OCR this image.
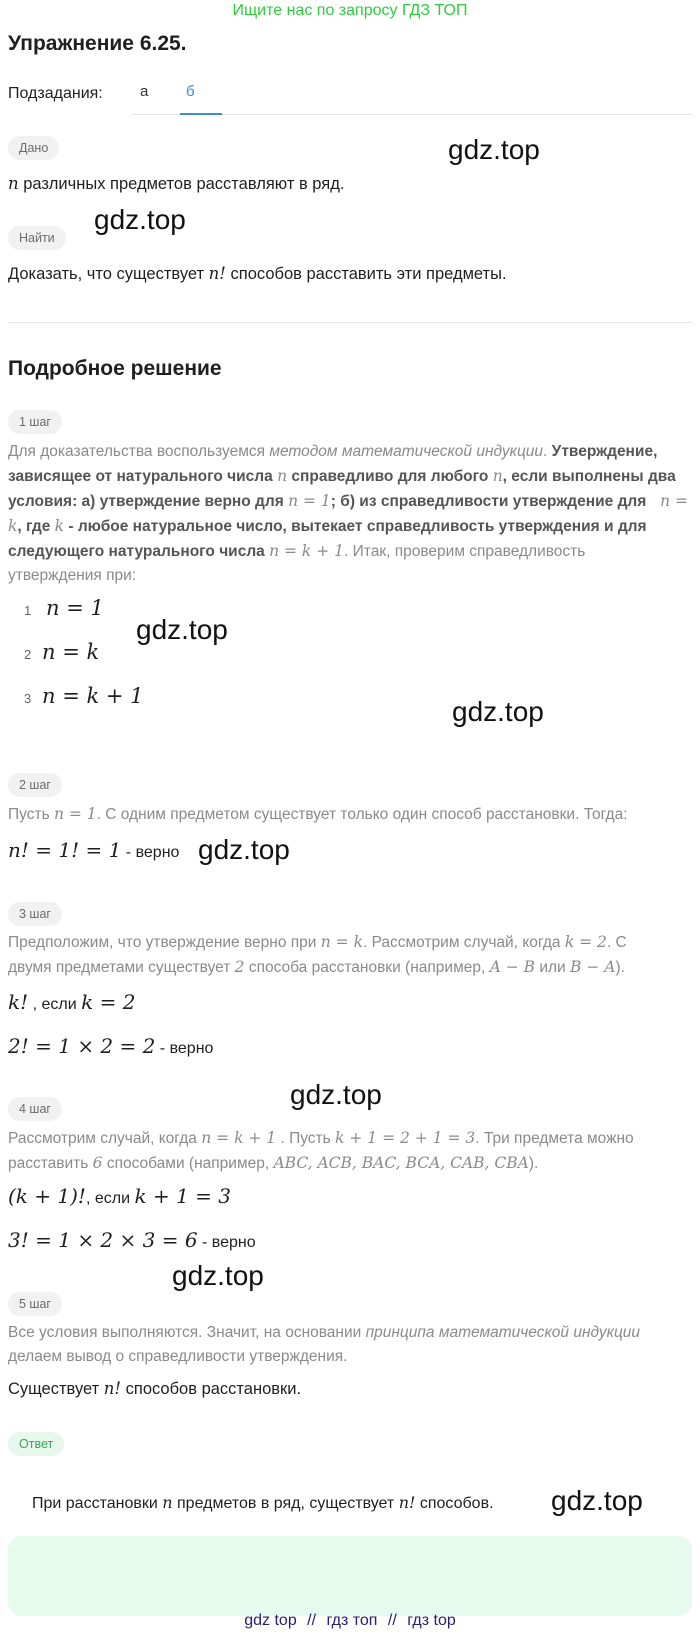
Ищите нас по запросу ГДЗ ТОП
Упражнение 6.25.
Подзадания: а	б
Дано
n различных предметов расставляют в ряд.
Найти
Доказать, что существует n! способов расставить эти предметы.
Подробное решение
1 шаг
Для доказательства воспользуемся методом математической индукции. Утверждение,
зависящее от натурального числа n справедливо для любого n, если выполнены два
условия: а) утверждение верно для n = 1; б) из справедливости утверждение для n =
k, где k - любое натуральное число, вытекает справедливость утверждения и для
следующего натурального числа n = k + 1. Итак, проверим справедливость
утверждения при:
1 n = 1
2 n = k
3 n = k + 1
2 шаг
Пусть n = 1. С одним предметом существует только один способ расстановки. Тогда:
n! = 1! = 1 - верно
3 шаг
Предположим, что утверждение верно при n = k. Рассмотрим случай, когда k = 2. С
двумя предметами существует 2 способа расстановки (например, A − B или B − A).
k! , если k = 2
2! = 1 × 2 = 2 - верно
4 шаг
Рассмотрим случай, когда n = k + 1 . Пусть k + 1 = 2 + 1 = 3. Три предмета можно
расставить 6 способами (например, ABC, ACB, BAC, BCA, CAB, CBA).
(k + 1)!, если k + 1 = 3
3! = 1 × 2 × 3 = 6 - верно
5 шаг
Все условия выполняются. Значит, на основании принципа математической индукции
делаем вывод о справедливости утверждения.
Существует n! способов расстановки.
Ответ
При расстановки n предметов в ряд, существует n! способов.
gdz.top
gdz.top
gdz.top
gdz.top
gdz.top
gdz.top
gdz.top
gdz.top
gdz top // гдз топ // гдз top
